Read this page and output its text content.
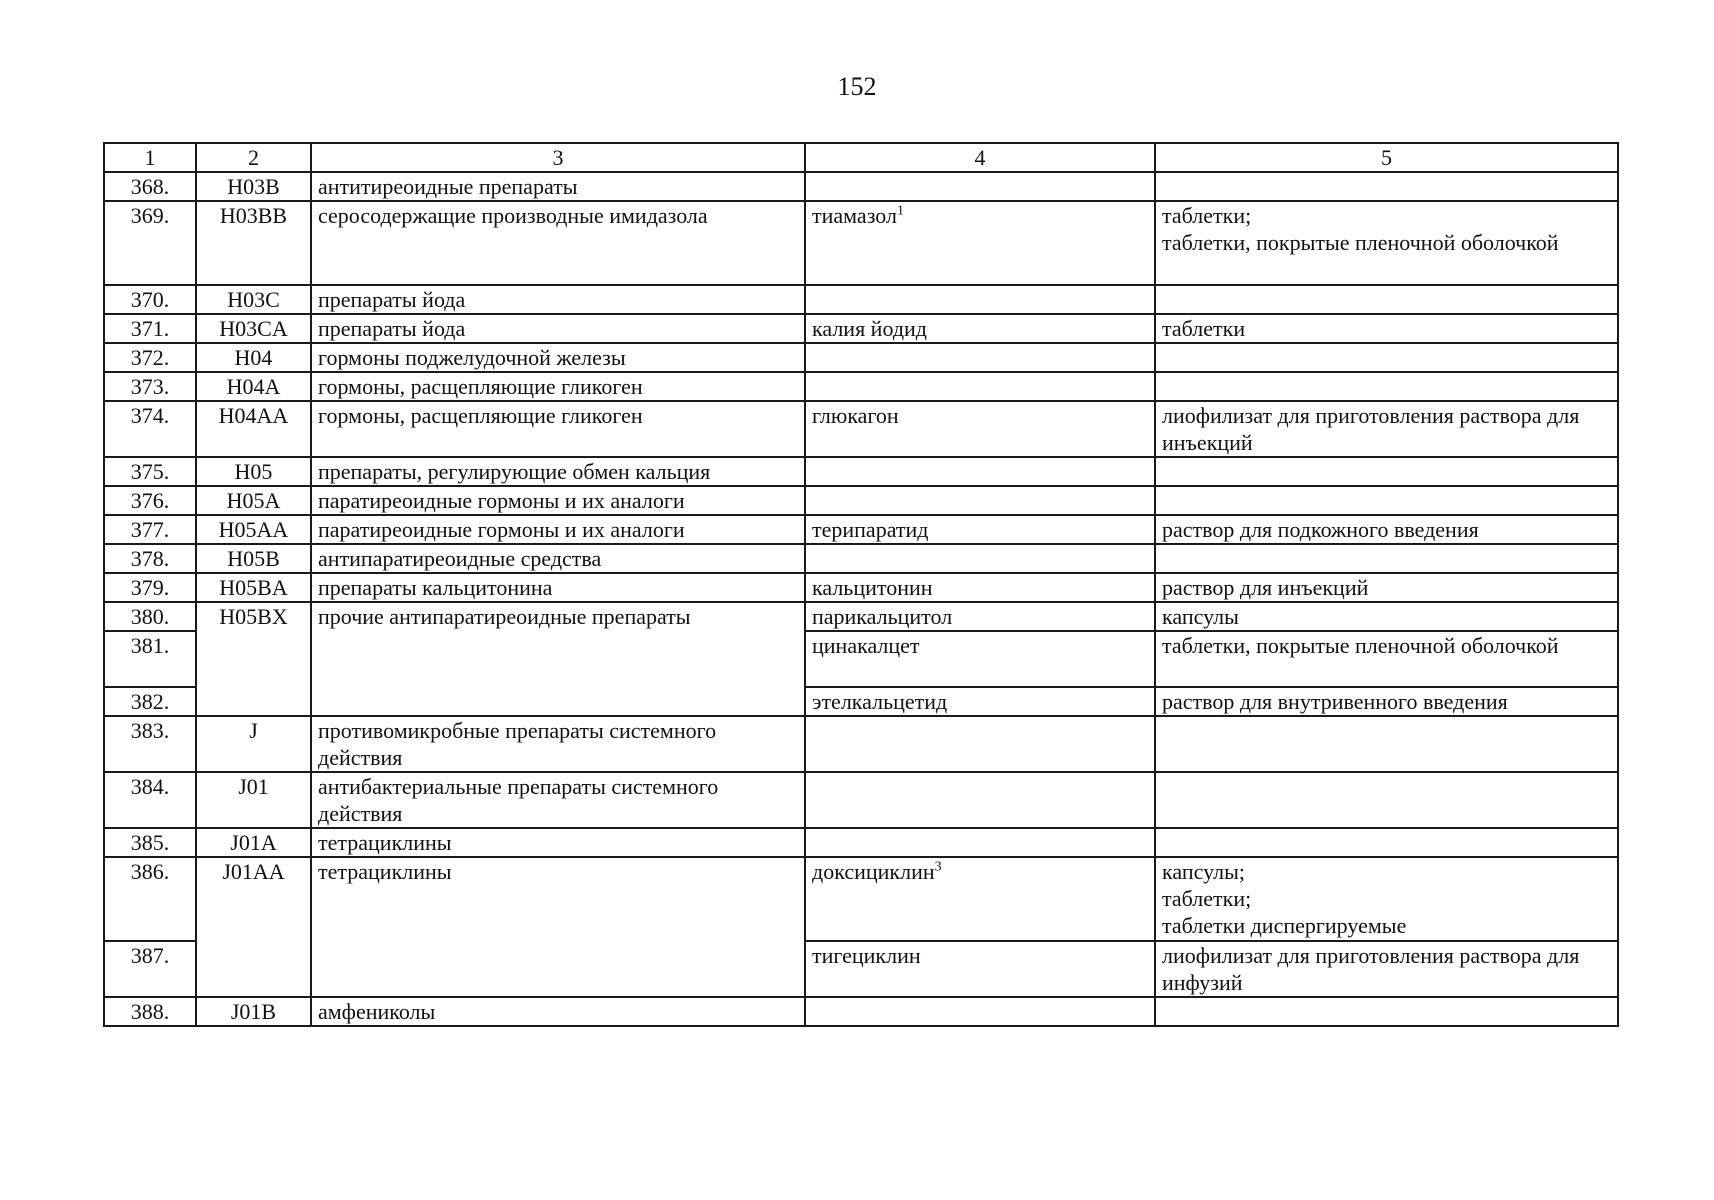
152
1	2	3	4	5
368.	H03B	антитиреоидные препараты		
369.	H03BB	серосодержащие производные имидазола	тиамазол$^1$	таблетки;
таблетки, покрытые пленочной оболочкой

370.	H03C	препараты йода		
371.	H03CA	препараты йода	калия йодид	таблетки

372.	H04	гормоны поджелудочной железы		
373.	H04A	гормоны, расщепляющие гликоген		
374.	H04AA	гормоны, расщепляющие гликоген	глюкагон	лиофилизат для приготовления раствора для инъекций

375.	H05	препараты, регулирующие обмен кальция		
376.	H05A	паратиреоидные гормоны и их аналоги		
377.	H05AA	паратиреоидные гормоны и их аналоги	терипаратид	раствор для подкожного введения

378.	H05B	антипаратиреоидные средства		
379.	H05BA	препараты кальцитонина	кальцитонин	раствор для инъекций

380.	H05BX	прочие антипаратиреоидные препараты	парикальцитол	капсулы

381.			цинакалцет	таблетки, покрытые пленочной оболочкой

382.			этелкальцетид	раствор для внутривенного введения

383.	J	противомикробные препараты системного действия		
384.	J01	антибактериальные препараты системного действия		
385.	J01A	тетрациклины		
386.	J01AA	тетрациклины	доксициклин$^3$	капсулы;
таблетки;
таблетки диспергируемые

387.			тигециклин	лиофилизат для приготовления раствора для инфузий

388.	J01B	амфениколы		
